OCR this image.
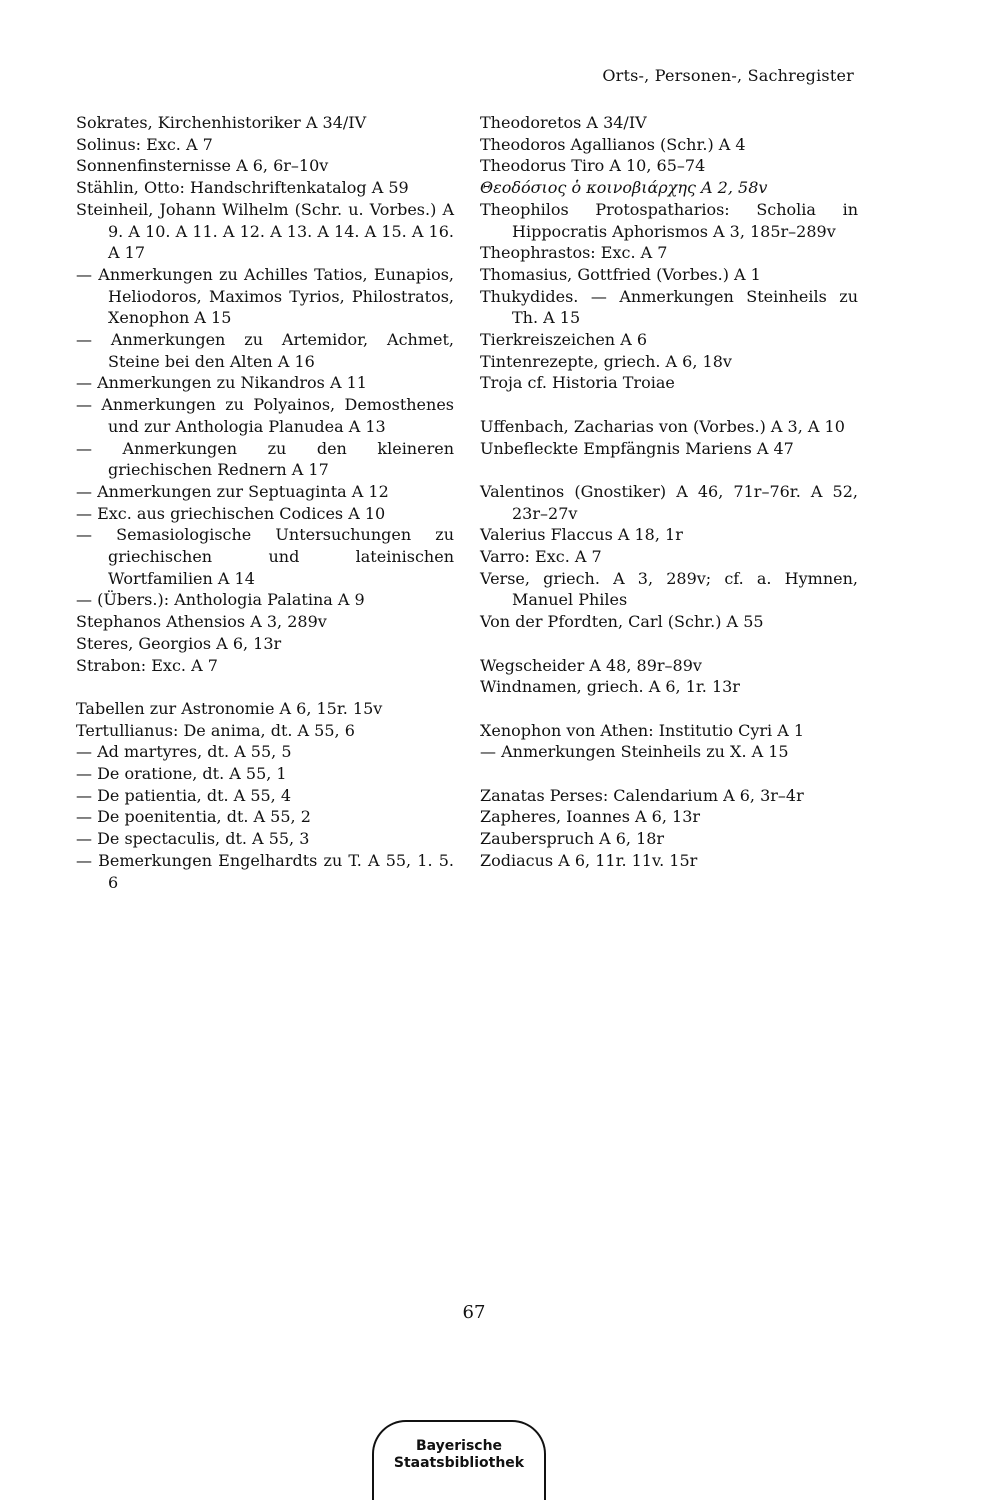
Orts-, Personen-, Sachregister
Sokrates, Kirchenhistoriker A 34/IV
Solinus: Exc. A 7
Sonnenfinsternisse A 6, 6r–10v
Stählin, Otto: Handschriftenkatalog A 59
Steinheil, Johann Wilhelm (Schr. u. Vorbes.) A 9. A 10. A 11. A 12. A 13. A 14. A 15. A 16. A 17
— Anmerkungen zu Achilles Tatios, Eunapios, Heliodoros, Maximos Tyrios, Philostratos, Xenophon A 15
— Anmerkungen zu Artemidor, Achmet, Steine bei den Alten A 16
— Anmerkungen zu Nikandros A 11
— Anmerkungen zu Polyainos, Demosthenes und zur Anthologia Planudea A 13
— Anmerkungen zu den kleineren griechischen Rednern A 17
— Anmerkungen zur Septuaginta A 12
— Exc. aus griechischen Codices A 10
— Semasiologische Untersuchungen zu griechischen und lateinischen Wortfamilien A 14
— (Übers.): Anthologia Palatina A 9
Stephanos Athensios A 3, 289v
Steres, Georgios A 6, 13r
Strabon: Exc. A 7
Tabellen zur Astronomie A 6, 15r. 15v
Tertullianus: De anima, dt. A 55, 6
— Ad martyres, dt. A 55, 5
— De oratione, dt. A 55, 1
— De patientia, dt. A 55, 4
— De poenitentia, dt. A 55, 2
— De spectaculis, dt. A 55, 3
— Bemerkungen Engelhardts zu T. A 55, 1. 5. 6
Theodoretos A 34/IV
Theodoros Agallianos (Schr.) A 4
Theodorus Tiro A 10, 65–74
Θεοδόσιος ὁ κοινοβιάρχης A 2, 58v
Theophilos Protospatharios: Scholia in Hippocratis Aphorismos A 3, 185r–289v
Theophrastos: Exc. A 7
Thomasius, Gottfried (Vorbes.) A 1
Thukydides. — Anmerkungen Steinheils zu Th. A 15
Tierkreiszeichen A 6
Tintenrezepte, griech. A 6, 18v
Troja cf. Historia Troiae
Uffenbach, Zacharias von (Vorbes.) A 3, A 10
Unbefleckte Empfängnis Mariens A 47
Valentinos (Gnostiker) A 46, 71r–76r. A 52, 23r–27v
Valerius Flaccus A 18, 1r
Varro: Exc. A 7
Verse, griech. A 3, 289v; cf. a. Hymnen, Manuel Philes
Von der Pfordten, Carl (Schr.) A 55
Wegscheider A 48, 89r–89v
Windnamen, griech. A 6, 1r. 13r
Xenophon von Athen: Institutio Cyri A 1
— Anmerkungen Steinheils zu X. A 15
Zanatas Perses: Calendarium A 6, 3r–4r
Zapheres, Ioannes A 6, 13r
Zauberspruch A 6, 18r
Zodiacus A 6, 11r. 11v. 15r
67
Bayerische
Staatsbibliothek
